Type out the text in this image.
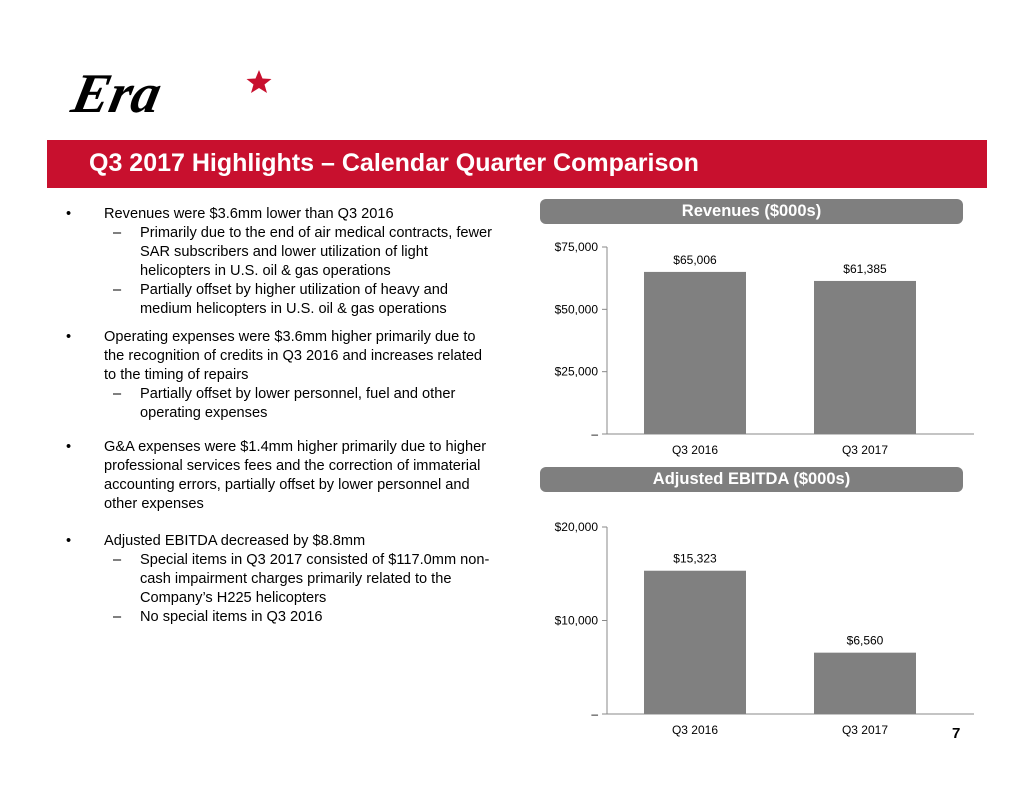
Era
Q3 2017 Highlights – Calendar Quarter Comparison
• Revenues were $3.6mm lower than Q3 2016
– Primarily due to the end of air medical contracts, fewer SAR subscribers and lower utilization of light helicopters in U.S. oil & gas operations
– Partially offset by higher utilization of heavy and medium helicopters in U.S. oil & gas operations
• Operating expenses were $3.6mm higher primarily due to the recognition of credits in Q3 2016 and increases related to the timing of repairs
– Partially offset by lower personnel, fuel and other operating expenses
• G&A expenses were $1.4mm higher primarily due to higher professional services fees and the correction of immaterial accounting errors, partially offset by lower personnel and other expenses
• Adjusted EBITDA decreased by $8.8mm
– Special items in Q3 2017 consisted of $117.0mm non-cash impairment charges primarily related to the Company’s H225 helicopters
– No special items in Q3 2016
Revenues ($000s)
–
$25,000
$50,000
$75,000
$65,006
Q3 2016
$61,385
Q3 2017
Adjusted EBITDA ($000s)
–
$10,000
$20,000
$15,323
Q3 2016
$6,560
Q3 2017	7
